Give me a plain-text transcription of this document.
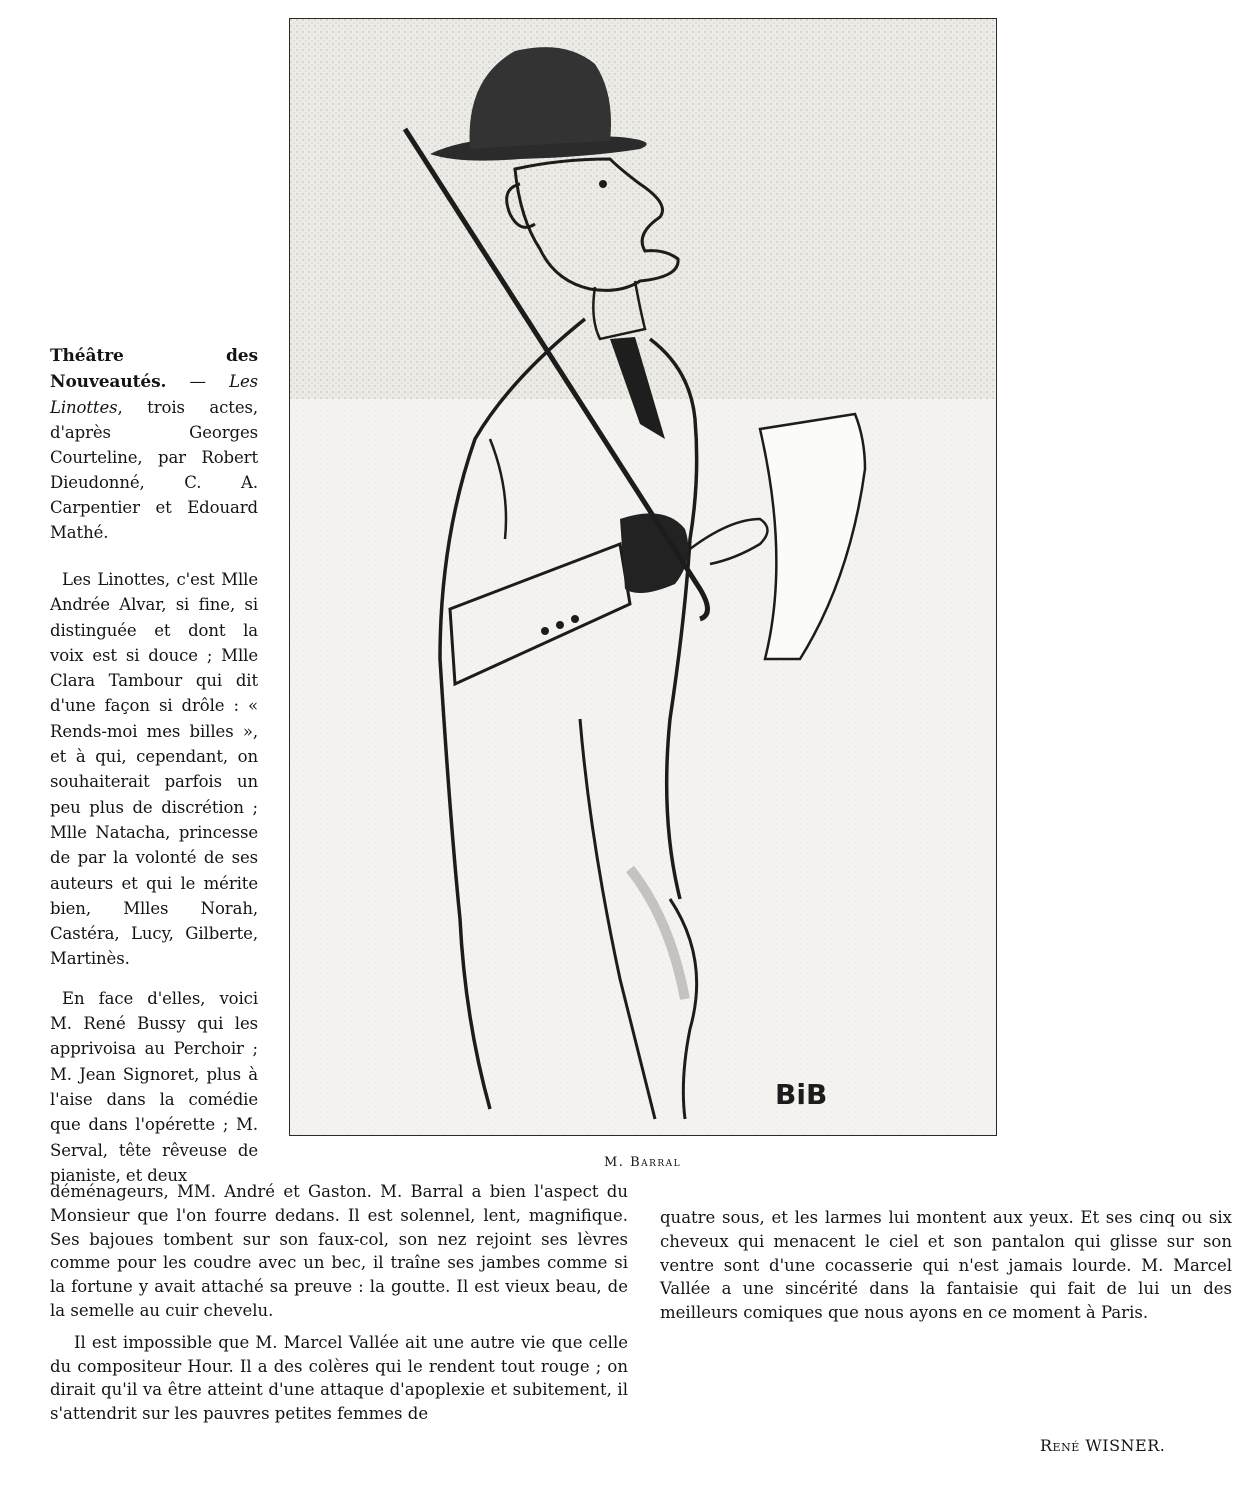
Théâtre des Nouveautés. — Les Linottes, trois actes, d'après Georges Courteline, par Robert Dieudonné, C. A. Carpentier et Edouard Mathé.

Les Linottes, c'est Mlle Andrée Alvar, si fine, si distinguée et dont la voix est si douce ; Mlle Clara Tambour qui dit d'une façon si drôle : « Rends-moi mes billes », et à qui, cependant, on souhaiterait parfois un peu plus de discrétion ; Mlle Natacha, princesse de par la volonté de ses auteurs et qui le mérite bien, Mlles Norah, Castéra, Lucy, Gilberte, Martinès.

En face d'elles, voici M. René Bussy qui les apprivoisa au Perchoir ; M. Jean Signoret, plus à l'aise dans la comédie que dans l'opérette ; M. Serval, tête rêveuse de pianiste, et deux

BiB
M. Barral

déménageurs, MM. André et Gaston. M. Barral a bien l'aspect du Monsieur que l'on fourre dedans. Il est solennel, lent, magnifique. Ses bajoues tombent sur son faux-col, son nez rejoint ses lèvres comme pour les coudre avec un bec, il traîne ses jambes comme si la fortune y avait attaché sa preuve : la goutte. Il est vieux beau, de la semelle au cuir chevelu.

Il est impossible que M. Marcel Vallée ait une autre vie que celle du compositeur Hour. Il a des colères qui le rendent tout rouge ; on dirait qu'il va être atteint d'une attaque d'apoplexie et subitement, il s'attendrit sur les pauvres petites femmes de

quatre sous, et les larmes lui montent aux yeux. Et ses cinq ou six cheveux qui menacent le ciel et son pantalon qui glisse sur son ventre sont d'une cocasserie qui n'est jamais lourde. M. Marcel Vallée a une sincérité dans la fantaisie qui fait de lui un des meilleurs comiques que nous ayons en ce moment à Paris.

René WISNER.
